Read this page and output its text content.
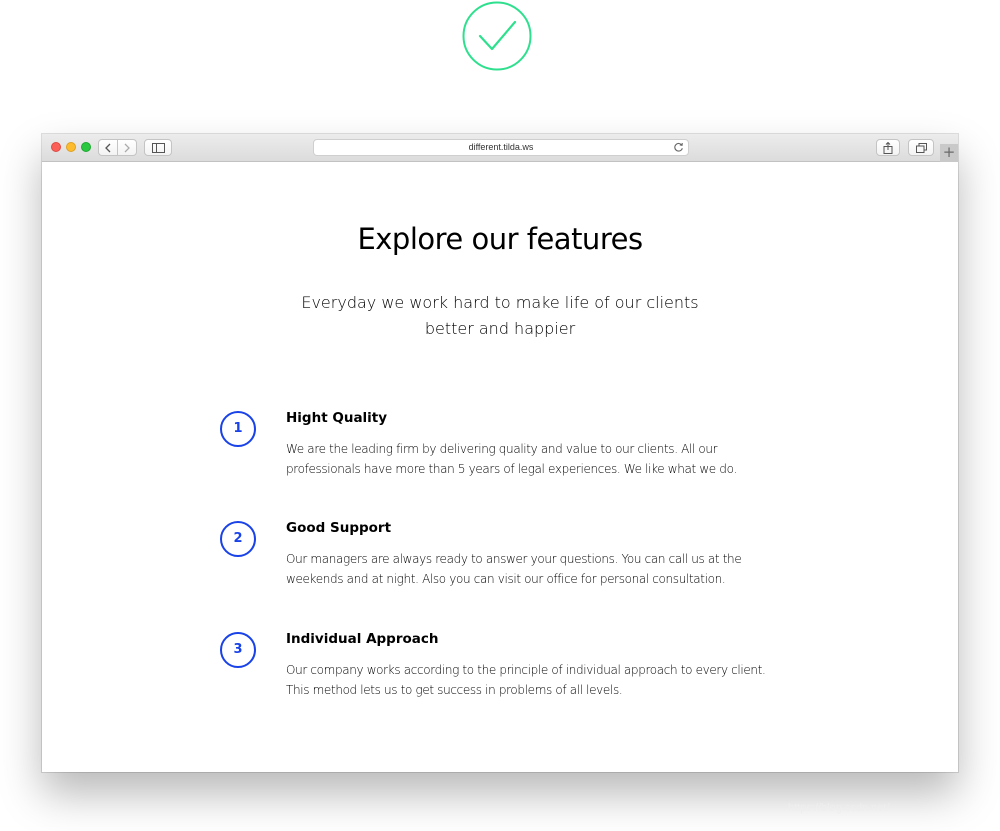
different.tilda.ws	+
Explore our features
Everyday we work hard to make life of our clients better and happier
1
Hight Quality
We are the leading firm by delivering quality and value to our clients. All our professionals have more than 5 years of legal experiences. We like what we do.
2
Good Support
Our managers are always ready to answer your questions. You can call us at the weekends and at night. Also you can visit our office for personal consultation.
3
Individual Approach
Our company works according to the principle of individual approach to every client. This method lets us to get success in problems of all levels.
https://blog.csdn.net/...
